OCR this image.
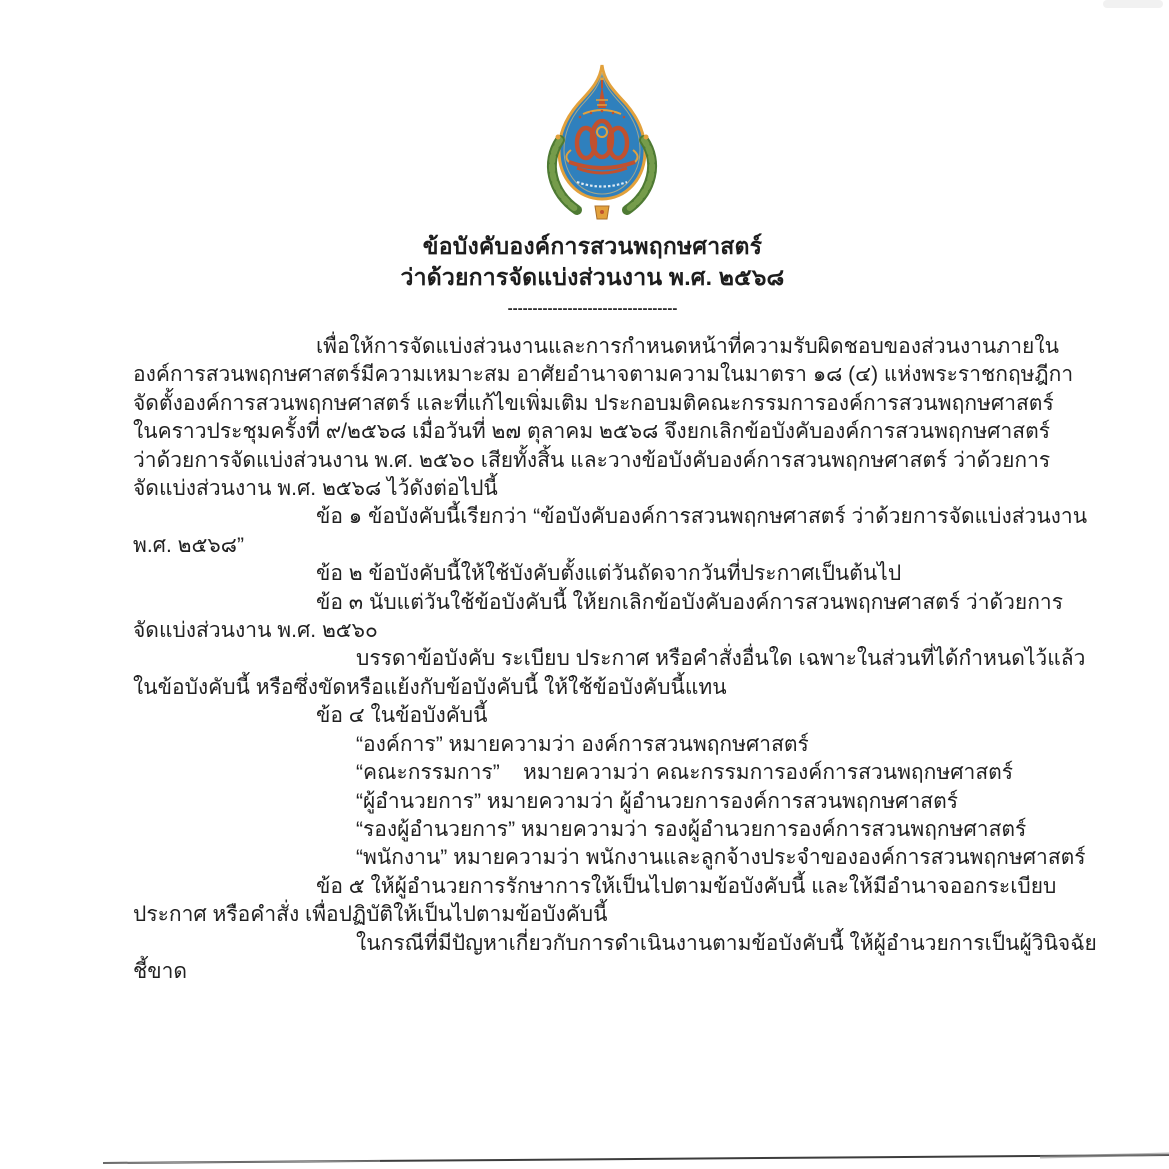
ข้อบังคับองค์การสวนพฤกษศาสตร์
ว่าด้วยการจัดแบ่งส่วนงาน พ.ศ. ๒๕๖๘
----------------------------------
เพื่อให้การจัดแบ่งส่วนงานและการกำหนดหน้าที่ความรับผิดชอบของส่วนงานภายใน
องค์การสวนพฤกษศาสตร์มีความเหมาะสม อาศัยอำนาจตามความในมาตรา ๑๘ (๔) แห่งพระราชกฤษฎีกา
จัดตั้งองค์การสวนพฤกษศาสตร์ และที่แก้ไขเพิ่มเติม ประกอบมติคณะกรรมการองค์การสวนพฤกษศาสตร์
ในคราวประชุมครั้งที่ ๙/๒๕๖๘ เมื่อวันที่ ๒๗ ตุลาคม ๒๕๖๘ จึงยกเลิกข้อบังคับองค์การสวนพฤกษศาสตร์
ว่าด้วยการจัดแบ่งส่วนงาน พ.ศ. ๒๕๖๐ เสียทั้งสิ้น และวางข้อบังคับองค์การสวนพฤกษศาสตร์ ว่าด้วยการ
จัดแบ่งส่วนงาน พ.ศ. ๒๕๖๘ ไว้ดังต่อไปนี้
ข้อ ๑ ข้อบังคับนี้เรียกว่า “ข้อบังคับองค์การสวนพฤกษศาสตร์ ว่าด้วยการจัดแบ่งส่วนงาน
พ.ศ. ๒๕๖๘”
ข้อ ๒ ข้อบังคับนี้ให้ใช้บังคับตั้งแต่วันถัดจากวันที่ประกาศเป็นต้นไป
ข้อ ๓ นับแต่วันใช้ข้อบังคับนี้ ให้ยกเลิกข้อบังคับองค์การสวนพฤกษศาสตร์ ว่าด้วยการ
จัดแบ่งส่วนงาน พ.ศ. ๒๕๖๐
บรรดาข้อบังคับ ระเบียบ ประกาศ หรือคำสั่งอื่นใด เฉพาะในส่วนที่ได้กำหนดไว้แล้ว
ในข้อบังคับนี้ หรือซึ่งขัดหรือแย้งกับข้อบังคับนี้ ให้ใช้ข้อบังคับนี้แทน
ข้อ ๔ ในข้อบังคับนี้
“องค์การ” หมายความว่า องค์การสวนพฤกษศาสตร์
“คณะกรรมการ”    หมายความว่า คณะกรรมการองค์การสวนพฤกษศาสตร์
“ผู้อำนวยการ” หมายความว่า ผู้อำนวยการองค์การสวนพฤกษศาสตร์
“รองผู้อำนวยการ” หมายความว่า รองผู้อำนวยการองค์การสวนพฤกษศาสตร์
“พนักงาน” หมายความว่า พนักงานและลูกจ้างประจำขององค์การสวนพฤกษศาสตร์
ข้อ ๕ ให้ผู้อำนวยการรักษาการให้เป็นไปตามข้อบังคับนี้ และให้มีอำนาจออกระเบียบ
ประกาศ หรือคำสั่ง เพื่อปฏิบัติให้เป็นไปตามข้อบังคับนี้
ในกรณีที่มีปัญหาเกี่ยวกับการดำเนินงานตามข้อบังคับนี้ ให้ผู้อำนวยการเป็นผู้วินิจฉัย
ชี้ขาด
